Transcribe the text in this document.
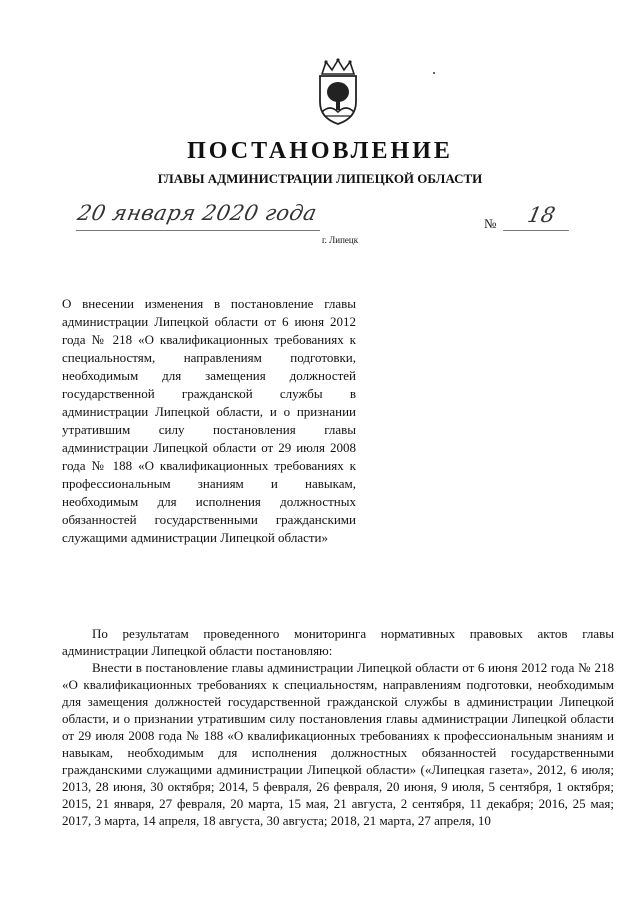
ПОСТАНОВЛЕНИЕ
ГЛАВЫ АДМИНИСТРАЦИИ ЛИПЕЦКОЙ ОБЛАСТИ
20 января 2020 года
г. Липецк
№ 18
О внесении изменения в постановление главы администрации Липецкой области от 6 июня 2012 года № 218 «О квалификационных требованиях к специальностям, направлениям подготовки, необходимым для замещения должностей государственной гражданской службы в администрации Липецкой области, и о признании утратившим силу постановления главы администрации Липецкой области от 29 июля 2008 года № 188 «О квалификационных требованиях к профессиональным знаниям и навыкам, необходимым для исполнения должностных обязанностей государственными гражданскими служащими администрации Липецкой области»

По результатам проведенного мониторинга нормативных правовых актов главы администрации Липецкой области постановляю:

Внести в постановление главы администрации Липецкой области от 6 июня 2012 года № 218 «О квалификационных требованиях к специальностям, направлениям подготовки, необходимым для замещения должностей государственной гражданской службы в администрации Липецкой области, и о признании утратившим силу постановления главы администрации Липецкой области от 29 июля 2008 года № 188 «О квалификационных требованиях к профессиональным знаниям и навыкам, необходимым для исполнения должностных обязанностей государственными гражданскими служащими администрации Липецкой области» («Липецкая газета», 2012, 6 июля; 2013, 28 июня, 30 октября; 2014, 5 февраля, 26 февраля, 20 июня, 9 июля, 5 сентября, 1 октября; 2015, 21 января, 27 февраля, 20 марта, 15 мая, 21 августа, 2 сентября, 11 декабря; 2016, 25 мая; 2017, 3 марта, 14 апреля, 18 августа, 30 августа; 2018, 21 марта, 27 апреля, 10
